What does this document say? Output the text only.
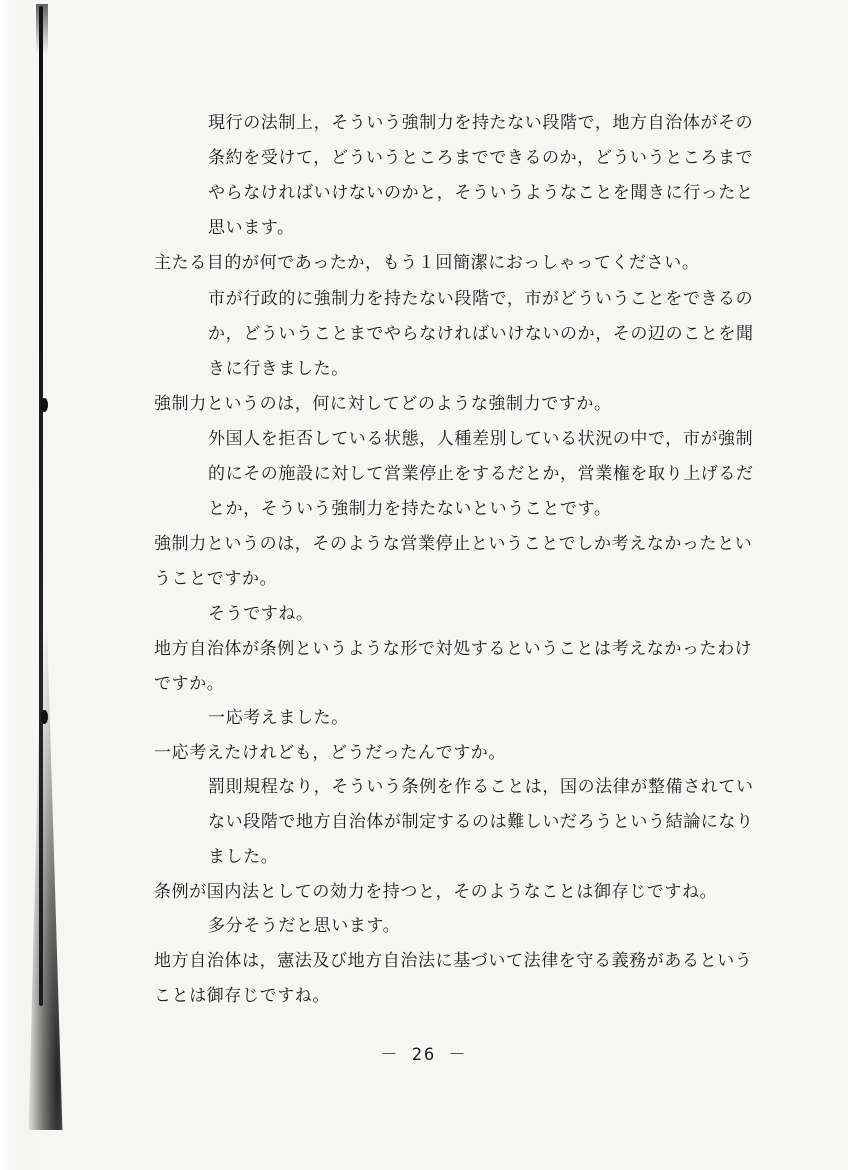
現行の法制上，そういう強制力を持たない段階で，地方自治体がその
条約を受けて，どういうところまでできるのか，どういうところまで
やらなければいけないのかと，そういうようなことを聞きに行ったと
思います。
主たる目的が何であったか，もう１回簡潔におっしゃってください。
市が行政的に強制力を持たない段階で，市がどういうことをできるの
か，どういうことまでやらなければいけないのか，その辺のことを聞
きに行きました。
強制力というのは，何に対してどのような強制力ですか。
外国人を拒否している状態，人種差別している状況の中で，市が強制
的にその施設に対して営業停止をするだとか，営業権を取り上げるだ
とか，そういう強制力を持たないということです。
強制力というのは，そのような営業停止ということでしか考えなかったとい
うことですか。
そうですね。
地方自治体が条例というような形で対処するということは考えなかったわけ
ですか。
一応考えました。
一応考えたけれども，どうだったんですか。
罰則規程なり，そういう条例を作ることは，国の法律が整備されてい
ない段階で地方自治体が制定するのは難しいだろうという結論になり
ました。
条例が国内法としての効力を持つと，そのようなことは御存じですね。
多分そうだと思います。
地方自治体は，憲法及び地方自治法に基づいて法律を守る義務があるという
ことは御存じですね。
－ 26 －
